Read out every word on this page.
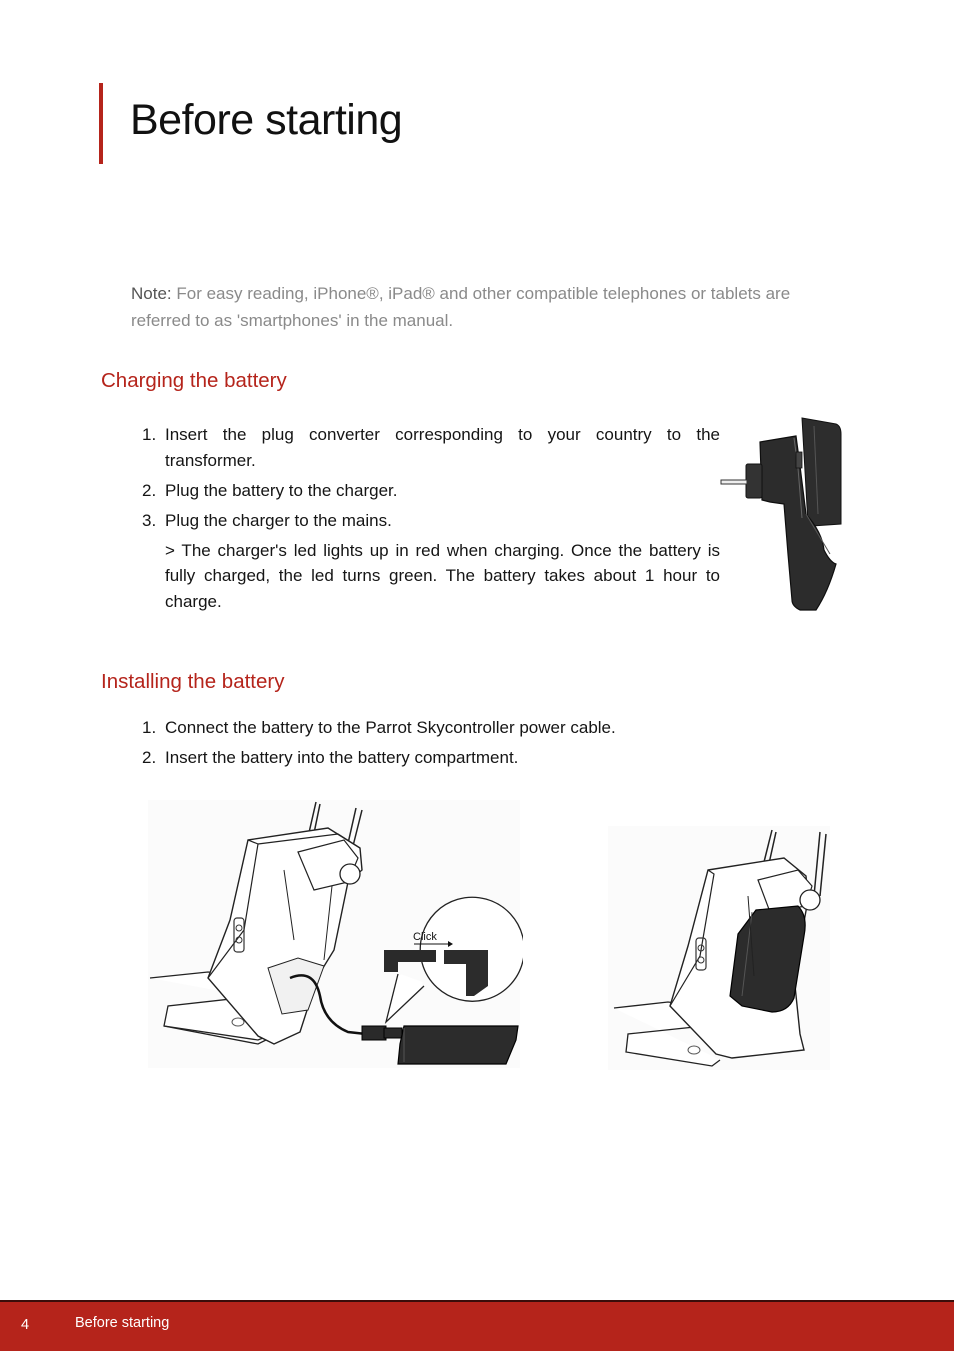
Before starting
Note: For easy reading, iPhone®, iPad® and other compatible telephones or tablets are referred to as 'smartphones' in the manual.
Charging the battery
1. Insert the plug converter corresponding to your country to the transformer.
2. Plug the battery to the charger.
3. Plug the charger to the mains.
> The charger's led lights up in red when charging. Once the battery is fully charged, the led turns green. The battery takes about 1 hour to charge.
Installing the battery
1. Connect the battery to the Parrot Skycontroller power cable.
2. Insert the battery into the battery compartment.
Click
4	Before starting
